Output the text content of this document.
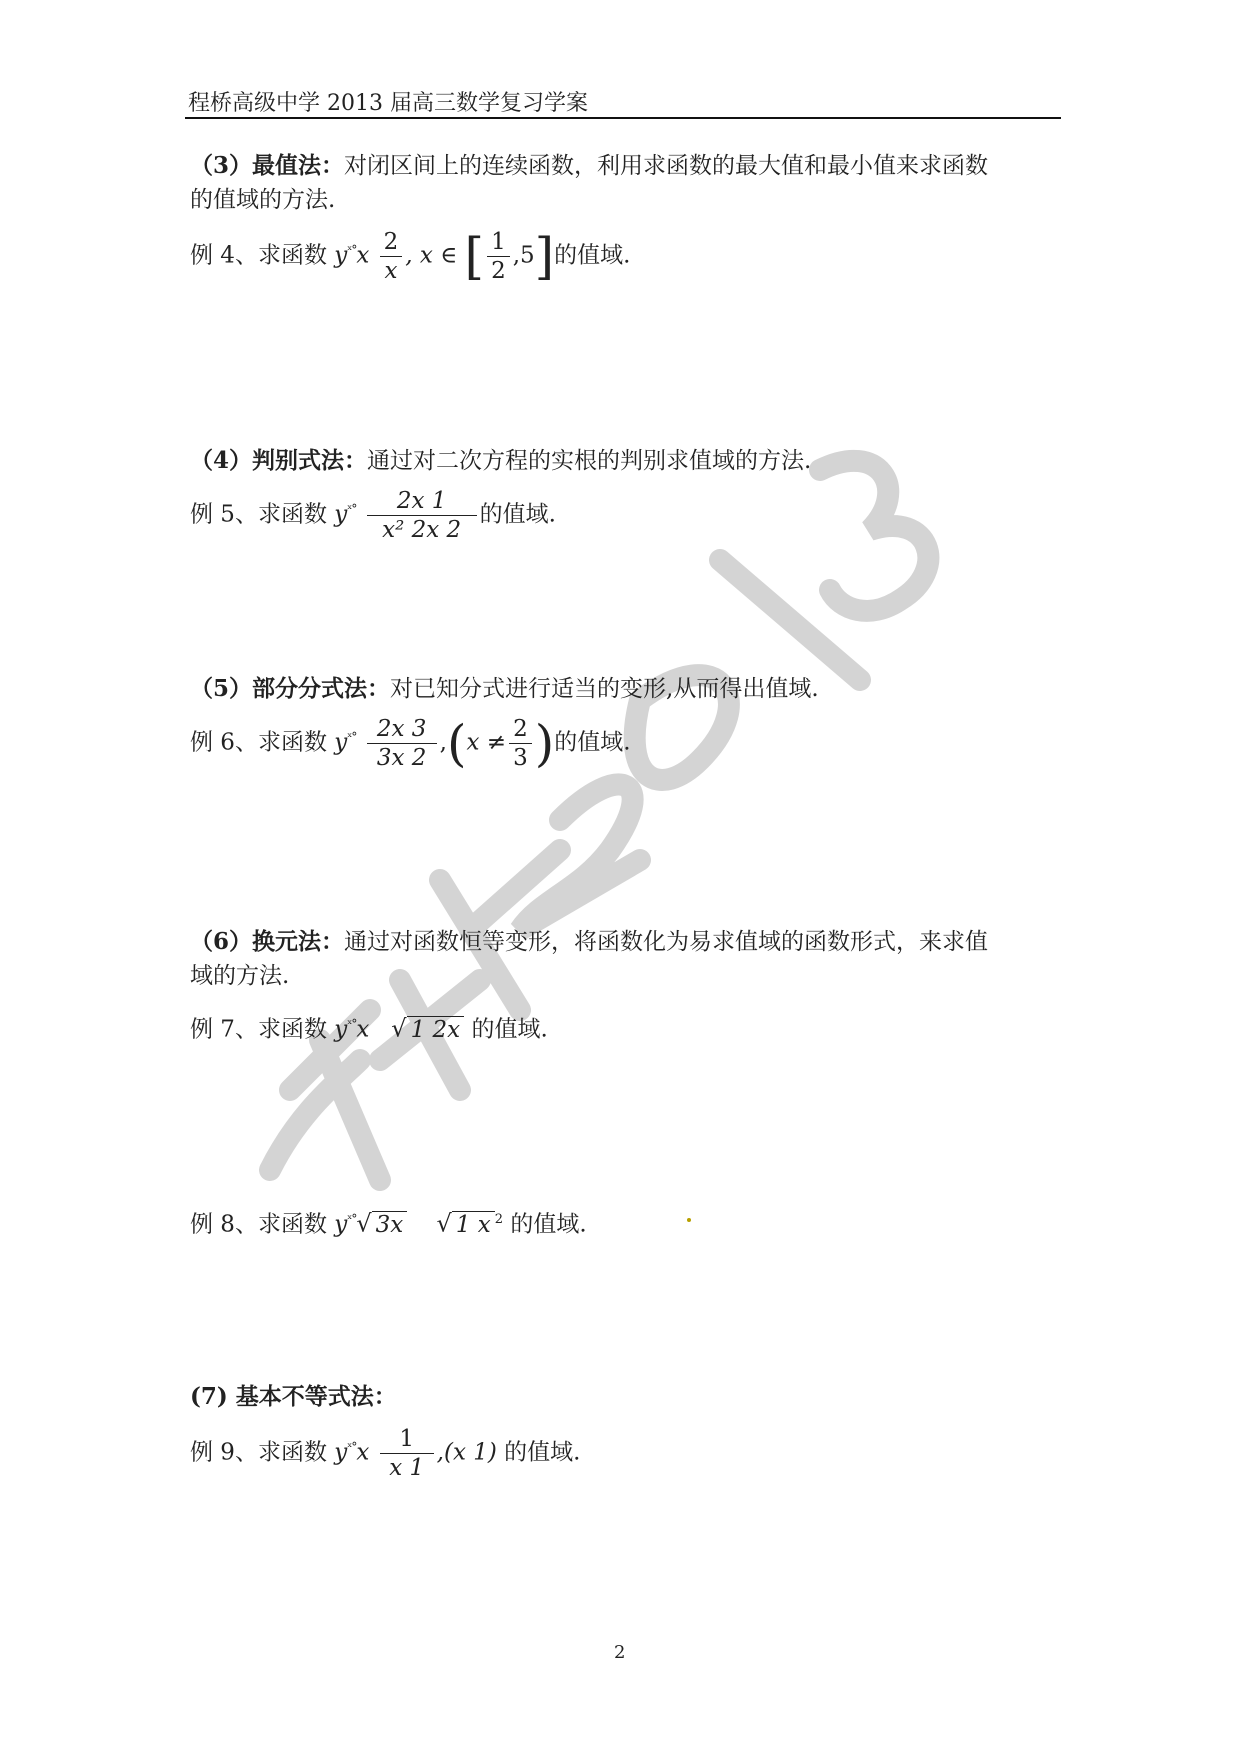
程桥高级中学 2013 届高三数学复习学案
（3）最值法：对闭区间上的连续函数，利用求函数的最大值和最小值来求函数
的值域的方法.
例 4、求函数 $y^{ˣ^\circ}x \frac{2}{x}$ , x ∈ [ $\frac{1}{2} ,5$]的值域.
（4）判别式法：通过对二次方程的实根的判别求值域的方法.
例 5、求函数 $y^{ˣ^\circ} \frac{2x 1}{\text{x² 2x 2}}$ 的值域.
（5）部分分式法：对已知分式进行适当的变形,从而得出值域.
例 6、求函数 $y^{ˣ^\circ} \frac{2x 3}{3x 2} ,(x \ne \frac{2}{3}$ )的值域.
（6）换元法：通过对函数恒等变形，将函数化为易求值域的函数形式，来求值
域的方法.
例 7、求函数 $y^{ˣ^\circ}x$ √ 1 2x 的值域.
例 8、求函数 $y^{ˣ^\circ}√$ 3x √ 1 x $^2$ 的值域.
(7) 基本不等式法：
例 9、求函数 $y^{ˣ^\circ}x \frac{1}{x 1} ,(x$ 1) 的值域.
2
